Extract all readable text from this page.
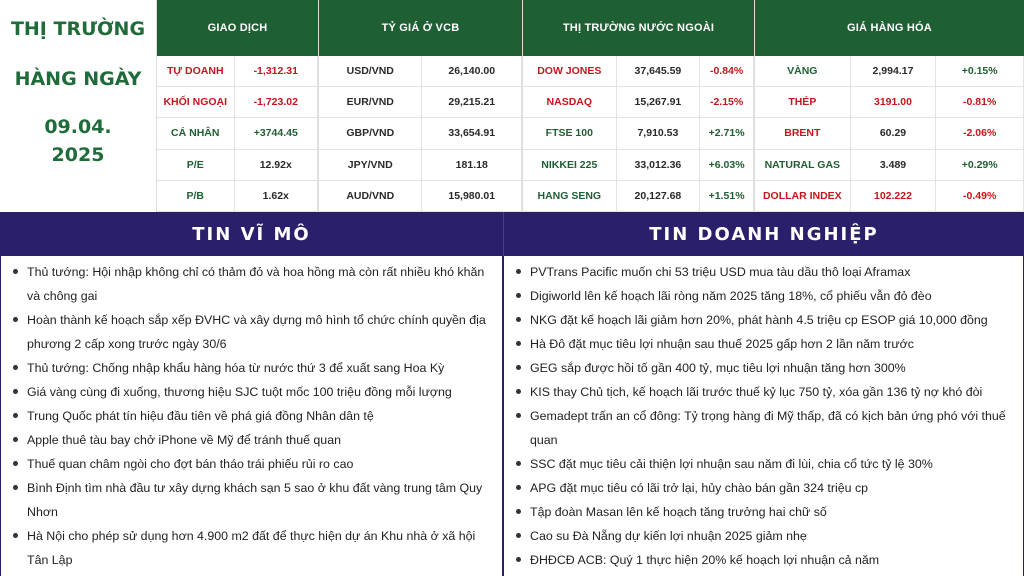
THỊ TRƯỜNG
HÀNG NGÀY
09.04.
2025
GIAO DỊCH
TỰ DOANH	-1,312.31
KHỐI NGOẠI	-1,723.02
CÁ NHÂN	+3744.45
P/E	12.92x
P/B	1.62x
TỶ GIÁ Ở VCB
USD/VND	26,140.00
EUR/VND	29,215.21
GBP/VND	33,654.91
JPY/VND	181.18
AUD/VND	15,980.01
THỊ TRƯỜNG NƯỚC NGOÀI
DOW JONES	37,645.59	-0.84%
NASDAQ	15,267.91	-2.15%
FTSE 100	7,910.53	+2.71%
NIKKEI 225	33,012.36	+6.03%
HANG SENG	20,127.68	+1.51%
GIÁ HÀNG HÓA
VÀNG	2,994.17	+0.15%
THÉP	3191.00	-0.81%
BRENT	60.29	-2.06%
NATURAL GAS	3.489	+0.29%
DOLLAR INDEX	102.222	-0.49%
TIN VĨ MÔ
Thủ tướng: Hội nhập không chỉ có thảm đỏ và hoa hồng mà còn rất nhiều khó khăn và chông gai
Hoàn thành kế hoạch sắp xếp ĐVHC và xây dựng mô hình tổ chức chính quyền địa phương 2 cấp xong trước ngày 30/6
Thủ tướng: Chống nhập khẩu hàng hóa từ nước thứ 3 để xuất sang Hoa Kỳ
Giá vàng cùng đi xuống, thương hiệu SJC tuột mốc 100 triệu đồng mỗi lượng
Trung Quốc phát tín hiệu đầu tiên về phá giá đồng Nhân dân tệ
Apple thuê tàu bay chở iPhone về Mỹ để tránh thuế quan
Thuế quan châm ngòi cho đợt bán tháo trái phiếu rủi ro cao
Bình Định tìm nhà đầu tư xây dựng khách sạn 5 sao ở khu đất vàng trung tâm Quy Nhơn
Hà Nội cho phép sử dụng hơn 4.900 m2 đất để thực hiện dự án Khu nhà ở xã hội Tân Lập
TIN DOANH NGHIỆP
PVTrans Pacific muốn chi 53 triệu USD mua tàu dầu thô loại Aframax
Digiworld lên kế hoạch lãi ròng năm 2025 tăng 18%, cổ phiếu vẫn đỏ đèo
NKG đặt kế hoạch lãi giảm hơn 20%, phát hành 4.5 triệu cp ESOP giá 10,000 đồng
Hà Đô đặt mục tiêu lợi nhuận sau thuế 2025 gấp hơn 2 lần năm trước
GEG sắp được hồi tố gần 400 tỷ, mục tiêu lợi nhuận tăng hơn 300%
KIS thay Chủ tịch, kế hoạch lãi trước thuế kỷ lục 750 tỷ, xóa gần 136 tỷ nợ khó đòi
Gemadept trấn an cổ đông: Tỷ trọng hàng đi Mỹ thấp, đã có kịch bản ứng phó với thuế quan
SSC đặt mục tiêu cải thiện lợi nhuận sau năm đi lùi, chia cổ tức tỷ lệ 30%
APG đặt mục tiêu có lãi trở lại, hủy chào bán gần 324 triệu cp
Tập đoàn Masan lên kế hoạch tăng trưởng hai chữ số
Cao su Đà Nẵng dự kiến lợi nhuận 2025 giảm nhẹ
ĐHĐCĐ ACB: Quý 1 thực hiện 20% kế hoạch lợi nhuận cả năm
